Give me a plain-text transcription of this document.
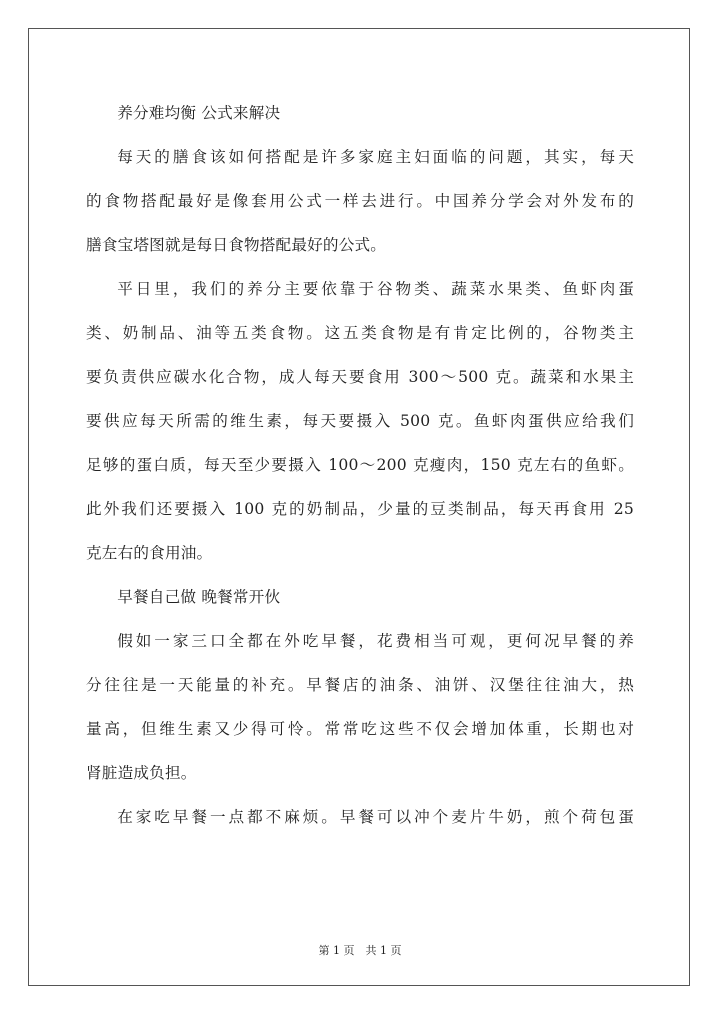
养分难均衡 公式来解决
每天的膳食该如何搭配是许多家庭主妇面临的问题，其实，每天
的食物搭配最好是像套用公式一样去进行。中国养分学会对外发布的
膳食宝塔图就是每日食物搭配最好的公式。
平日里，我们的养分主要依靠于谷物类、蔬菜水果类、鱼虾肉蛋
类、奶制品、油等五类食物。这五类食物是有肯定比例的，谷物类主
要负责供应碳水化合物，成人每天要食用 300～500 克。蔬菜和水果主
要供应每天所需的维生素，每天要摄入 500 克。鱼虾肉蛋供应给我们
足够的蛋白质，每天至少要摄入 100～200 克瘦肉，150 克左右的鱼虾。
此外我们还要摄入 100 克的奶制品，少量的豆类制品，每天再食用 25
克左右的食用油。
早餐自己做 晚餐常开伙
假如一家三口全都在外吃早餐，花费相当可观，更何况早餐的养
分往往是一天能量的补充。早餐店的油条、油饼、汉堡往往油大，热
量高，但维生素又少得可怜。常常吃这些不仅会增加体重，长期也对
肾脏造成负担。
在家吃早餐一点都不麻烦。早餐可以冲个麦片牛奶，煎个荷包蛋
第 1 页　共 1 页
